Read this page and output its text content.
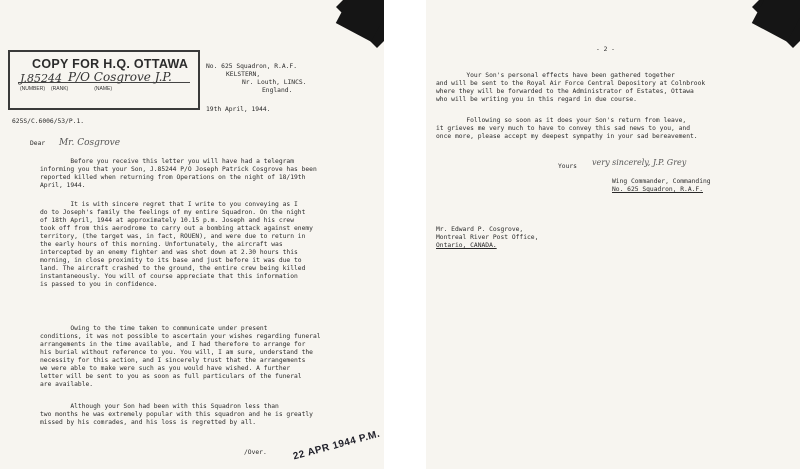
COPY FOR H.Q. OTTAWA
J.85244 P/O Cosgrove J.P.
(NUMBER) (RANK)	(NAME)
No. 625 Squadron, R.A.F.
KELSTERN,
Nr. Louth, LINCS.
England.
19th April, 1944.
625S/C.6006/53/P.1.
Dear Mr. Cosgrove

Before you receive this letter you will have had a telegram
informing you that your Son, J.85244 P/O Joseph Patrick Cosgrove has been
reported killed when returning from Operations on the night of 18/19th
April, 1944.

It is with sincere regret that I write to you conveying as I
do to Joseph's family the feelings of my entire Squadron. On the night
of 18th April, 1944 at approximately 10.15 p.m. Joseph and his crew
took off from this aerodrome to carry out a bombing attack against enemy
territory, (the target was, in fact, ROUEN), and were due to return in
the early hours of this morning. Unfortunately, the aircraft was
intercepted by an enemy fighter and was shot down at 2.30 hours this
morning, in close proximity to its base and just before it was due to
land. The aircraft crashed to the ground, the entire crew being killed
instantaneously. You will of course appreciate that this information
is passed to you in confidence.

Owing to the time taken to communicate under present
conditions, it was not possible to ascertain your wishes regarding funeral
arrangements in the time available, and I had therefore to arrange for
his burial without reference to you. You will, I am sure, understand the
necessity for this action, and I sincerely trust that the arrangements
we were able to make were such as you would have wished. A further
letter will be sent to you as soon as full particulars of the funeral
are available.

Although your Son had been with this Squadron less than
two months he was extremely popular with this squadron and he is greatly
missed by his comrades, and his loss is regretted by all.

/Over.	22 APR 1944 P.M.
- 2 -

Your Son's personal effects have been gathered together
and will be sent to the Royal Air Force Central Depository at Colnbrook
where they will be forwarded to the Administrator of Estates, Ottawa
who will be writing you in this regard in due course.

Following so soon as it does your Son's return from leave,
it grieves me very much to have to convey this sad news to you, and
once more, please accept my deepest sympathy in your sad bereavement.

Yours very sincerely, J.P. Grey
Wing Commander, Commanding
No. 625 Squadron, R.A.F.
Mr. Edward P. Cosgrove,
Montreal River Post Office,
Ontario, CANADA.
